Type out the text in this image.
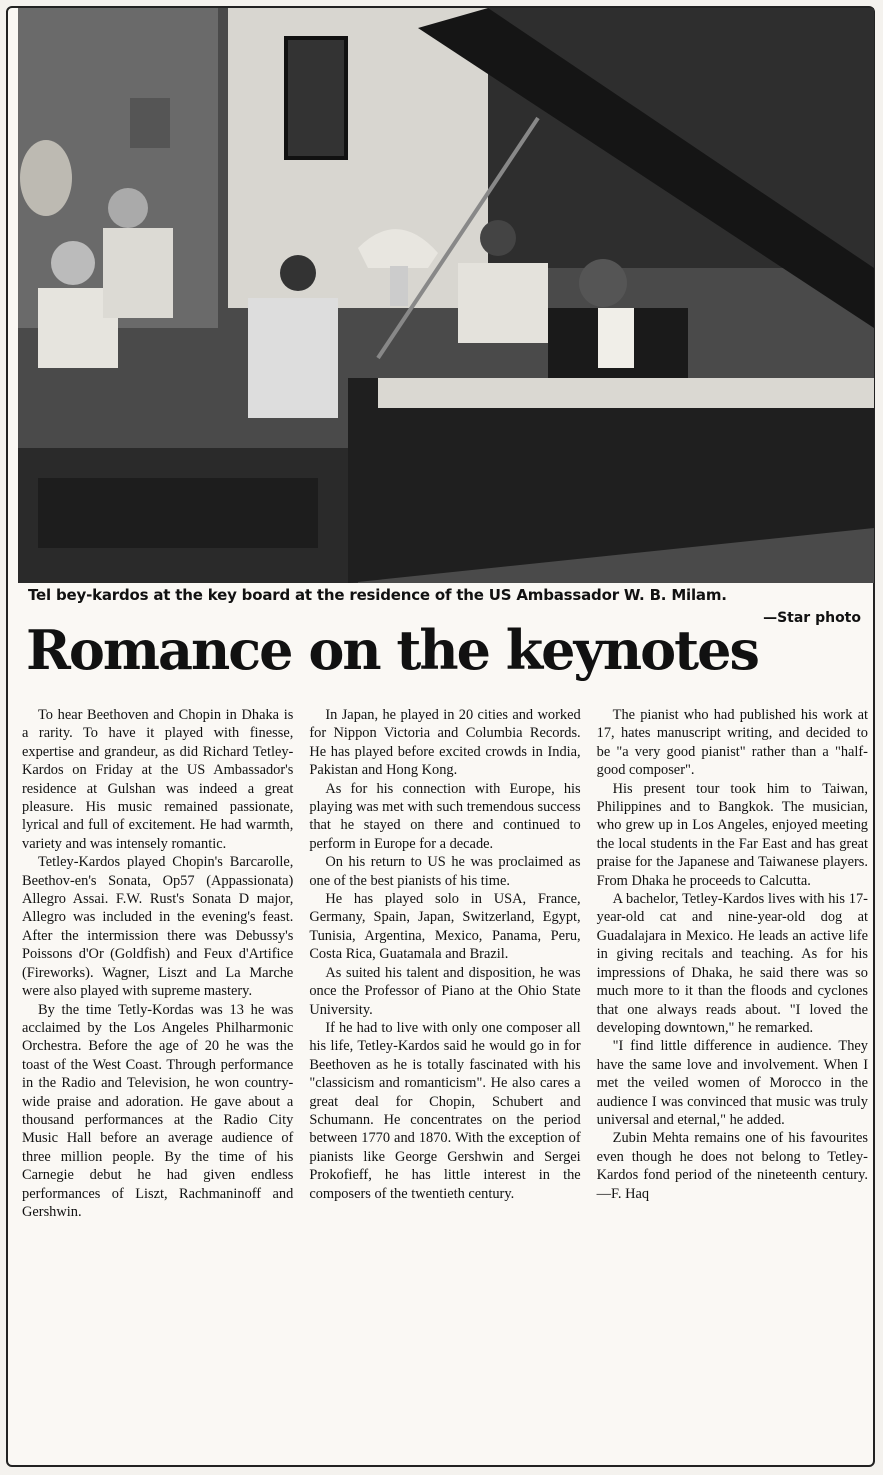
Tel bey-kardos at the key board at the residence of the US Ambassador W. B. Milam.
—Star photo
Romance on the keynotes

To hear Beethoven and Chopin in Dhaka is a rarity. To have it played with finesse, expertise and grandeur, as did Richard Tetley-Kardos on Friday at the US Ambassador's residence at Gulshan was indeed a great pleasure. His music remained passionate, lyrical and full of excitement. He had warmth, variety and was intensely romantic.

Tetley-Kardos played Chopin's Barcarolle, Beethov-en's Sonata, Op57 (Appassionata) Allegro Assai. F.W. Rust's Sonata D major, Allegro was included in the evening's feast. After the intermission there was Debussy's Poissons d'Or (Goldfish) and Feux d'Artifice (Fireworks). Wagner, Liszt and La Marche were also played with supreme mastery.

By the time Tetly-Kordas was 13 he was acclaimed by the Los Angeles Philharmonic Orchestra. Before the age of 20 he was the toast of the West Coast. Through performance in the Radio and Television, he won country-wide praise and adoration. He gave about a thousand performances at the Radio City Music Hall before an average audience of three million people. By the time of his Carnegie debut he had given endless performances of Liszt, Rachmaninoff and Gershwin.

In Japan, he played in 20 cities and worked for Nippon Victoria and Columbia Records. He has played before excited crowds in India, Pakistan and Hong Kong.

As for his connection with Europe, his playing was met with such tremendous success that he stayed on there and continued to perform in Europe for a decade.

On his return to US he was proclaimed as one of the best pianists of his time.

He has played solo in USA, France, Germany, Spain, Japan, Switzerland, Egypt, Tunisia, Argentina, Mexico, Panama, Peru, Costa Rica, Guatamala and Brazil.

As suited his talent and disposition, he was once the Professor of Piano at the Ohio State University.

If he had to live with only one composer all his life, Tetley-Kardos said he would go in for Beethoven as he is totally fascinated with his "classicism and romanticism". He also cares a great deal for Chopin, Schubert and Schumann. He concentrates on the period between 1770 and 1870. With the exception of pianists like George Gershwin and Sergei Prokofieff, he has little interest in the composers of the twentieth century.

The pianist who had published his work at 17, hates manuscript writing, and decided to be "a very good pianist" rather than a "half-good composer".

His present tour took him to Taiwan, Philippines and to Bangkok. The musician, who grew up in Los Angeles, enjoyed meeting the local students in the Far East and has great praise for the Japanese and Taiwanese players. From Dhaka he proceeds to Calcutta.

A bachelor, Tetley-Kardos lives with his 17-year-old cat and nine-year-old dog at Guadalajara in Mexico. He leads an active life in giving recitals and teaching. As for his impressions of Dhaka, he said there was so much more to it than the floods and cyclones that one always reads about. "I loved the developing downtown," he remarked.

"I find little difference in audience. They have the same love and involvement. When I met the veiled women of Morocco in the audience I was convinced that music was truly universal and eternal," he added.

Zubin Mehta remains one of his favourites even though he does not belong to Tetley-Kardos fond period of the nineteenth century. —F. Haq
